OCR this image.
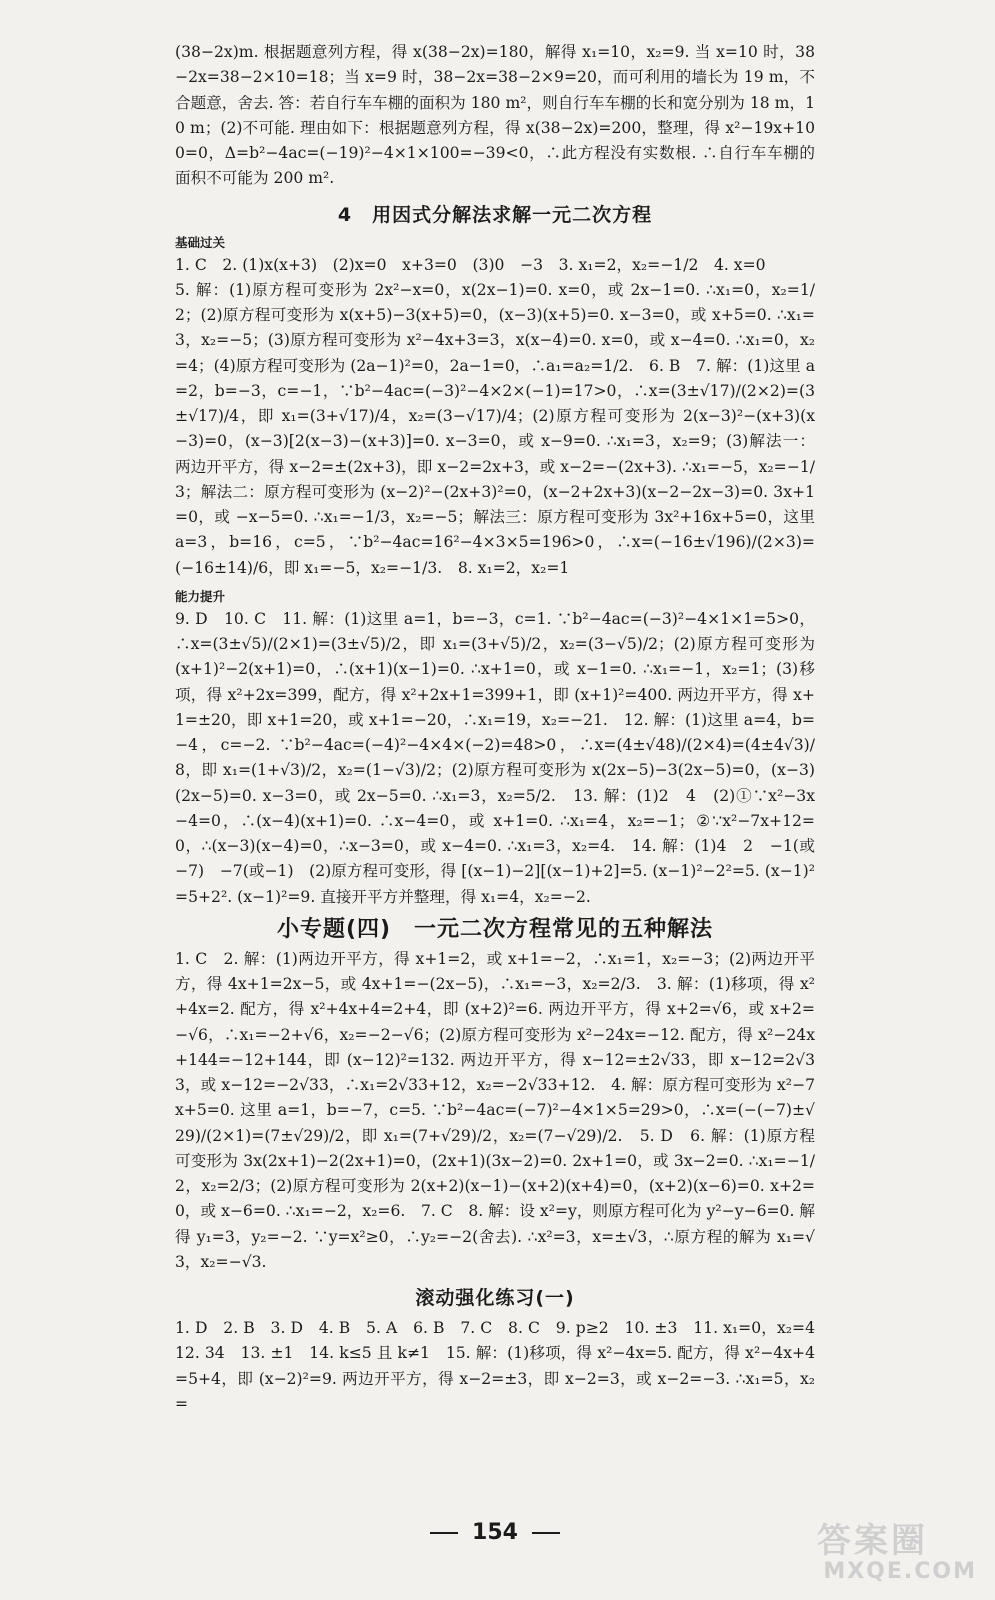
(38−2x)m. 根据题意列方程，得 x(38−2x)=180，解得 x₁=10，x₂=9. 当 x=10 时，38−2x=38−2×10=18；当 x=9 时，38−2x=38−2×9=20，而可利用的墙长为 19 m，不合题意，舍去. 答：若自行车车棚的面积为 180 m²，则自行车车棚的长和宽分别为 18 m，10 m；(2)不可能. 理由如下：根据题意列方程，得 x(38−2x)=200，整理，得 x²−19x+100=0，Δ=b²−4ac=(−19)²−4×1×100=−39<0，∴此方程没有实数根. ∴自行车车棚的面积不可能为 200 m².

4　用因式分解法求解一元二次方程
基础过关

1. C　2. (1)x(x+3)　(2)x=0　x+3=0　(3)0　−3　3. x₁=2，x₂=−1/2　4. x=0

5. 解：(1)原方程可变形为 2x²−x=0，x(2x−1)=0. x=0，或 2x−1=0. ∴x₁=0，x₂=1/2；(2)原方程可变形为 x(x+5)−3(x+5)=0，(x−3)(x+5)=0. x−3=0，或 x+5=0. ∴x₁=3，x₂=−5；(3)原方程可变形为 x²−4x+3=3，x(x−4)=0. x=0，或 x−4=0. ∴x₁=0，x₂=4；(4)原方程可变形为 (2a−1)²=0，2a−1=0，∴a₁=a₂=1/2.　6. B　7. 解：(1)这里 a=2，b=−3，c=−1，∵b²−4ac=(−3)²−4×2×(−1)=17>0，∴x=(3±√17)/(2×2)=(3±√17)/4，即 x₁=(3+√17)/4，x₂=(3−√17)/4；(2)原方程可变形为 2(x−3)²−(x+3)(x−3)=0，(x−3)[2(x−3)−(x+3)]=0. x−3=0，或 x−9=0. ∴x₁=3，x₂=9；(3)解法一：两边开平方，得 x−2=±(2x+3)，即 x−2=2x+3，或 x−2=−(2x+3). ∴x₁=−5，x₂=−1/3；解法二：原方程可变形为 (x−2)²−(2x+3)²=0，(x−2+2x+3)(x−2−2x−3)=0. 3x+1=0，或 −x−5=0. ∴x₁=−1/3，x₂=−5；解法三：原方程可变形为 3x²+16x+5=0，这里 a=3，b=16，c=5，∵b²−4ac=16²−4×3×5=196>0，∴x=(−16±√196)/(2×3)=(−16±14)/6，即 x₁=−5，x₂=−1/3.　8. x₁=2，x₂=1

能力提升

9. D　10. C　11. 解：(1)这里 a=1，b=−3，c=1. ∵b²−4ac=(−3)²−4×1×1=5>0，∴x=(3±√5)/(2×1)=(3±√5)/2，即 x₁=(3+√5)/2，x₂=(3−√5)/2；(2)原方程可变形为 (x+1)²−2(x+1)=0，∴(x+1)(x−1)=0. ∴x+1=0，或 x−1=0. ∴x₁=−1，x₂=1；(3)移项，得 x²+2x=399，配方，得 x²+2x+1=399+1，即 (x+1)²=400. 两边开平方，得 x+1=±20，即 x+1=20，或 x+1=−20，∴x₁=19，x₂=−21.　12. 解：(1)这里 a=4，b=−4，c=−2. ∵b²−4ac=(−4)²−4×4×(−2)=48>0，∴x=(4±√48)/(2×4)=(4±4√3)/8，即 x₁=(1+√3)/2，x₂=(1−√3)/2；(2)原方程可变形为 x(2x−5)−3(2x−5)=0，(x−3)(2x−5)=0. x−3=0，或 2x−5=0. ∴x₁=3，x₂=5/2.　13. 解：(1)2　4　(2)①∵x²−3x−4=0，∴(x−4)(x+1)=0. ∴x−4=0，或 x+1=0. ∴x₁=4，x₂=−1；②∵x²−7x+12=0，∴(x−3)(x−4)=0，∴x−3=0，或 x−4=0. ∴x₁=3，x₂=4.　14. 解：(1)4　2　−1(或−7)　−7(或−1)　(2)原方程可变形，得 [(x−1)−2][(x−1)+2]=5. (x−1)²−2²=5. (x−1)²=5+2². (x−1)²=9. 直接开平方并整理，得 x₁=4，x₂=−2.

小专题(四)　一元二次方程常见的五种解法

1. C　2. 解：(1)两边开平方，得 x+1=2，或 x+1=−2，∴x₁=1，x₂=−3；(2)两边开平方，得 4x+1=2x−5，或 4x+1=−(2x−5)，∴x₁=−3，x₂=2/3.　3. 解：(1)移项，得 x²+4x=2. 配方，得 x²+4x+4=2+4，即 (x+2)²=6. 两边开平方，得 x+2=√6，或 x+2=−√6，∴x₁=−2+√6，x₂=−2−√6；(2)原方程可变形为 x²−24x=−12. 配方，得 x²−24x+144=−12+144，即 (x−12)²=132. 两边开平方，得 x−12=±2√33，即 x−12=2√33，或 x−12=−2√33，∴x₁=2√33+12，x₂=−2√33+12.　4. 解：原方程可变形为 x²−7x+5=0. 这里 a=1，b=−7，c=5. ∵b²−4ac=(−7)²−4×1×5=29>0，∴x=(−(−7)±√29)/(2×1)=(7±√29)/2，即 x₁=(7+√29)/2，x₂=(7−√29)/2.　5. D　6. 解：(1)原方程可变形为 3x(2x+1)−2(2x+1)=0，(2x+1)(3x−2)=0. 2x+1=0，或 3x−2=0. ∴x₁=−1/2，x₂=2/3；(2)原方程可变形为 2(x+2)(x−1)−(x+2)(x+4)=0，(x+2)(x−6)=0. x+2=0，或 x−6=0. ∴x₁=−2，x₂=6.　7. C　8. 解：设 x²=y，则原方程可化为 y²−y−6=0. 解得 y₁=3，y₂=−2. ∵y=x²≥0，∴y₂=−2(舍去). ∴x²=3，x=±√3，∴原方程的解为 x₁=√3，x₂=−√3.

滚动强化练习(一)

1. D　2. B　3. D　4. B　5. A　6. B　7. C　8. C　9. p≥2　10. ±3　11. x₁=0，x₂=4　12. 34　13. ±1　14. k≤5 且 k≠1　15. 解：(1)移项，得 x²−4x=5. 配方，得 x²−4x+4=5+4，即 (x−2)²=9. 两边开平方，得 x−2=±3，即 x−2=3，或 x−2=−3. ∴x₁=5，x₂=

154	答案圈
MXQE.COM
